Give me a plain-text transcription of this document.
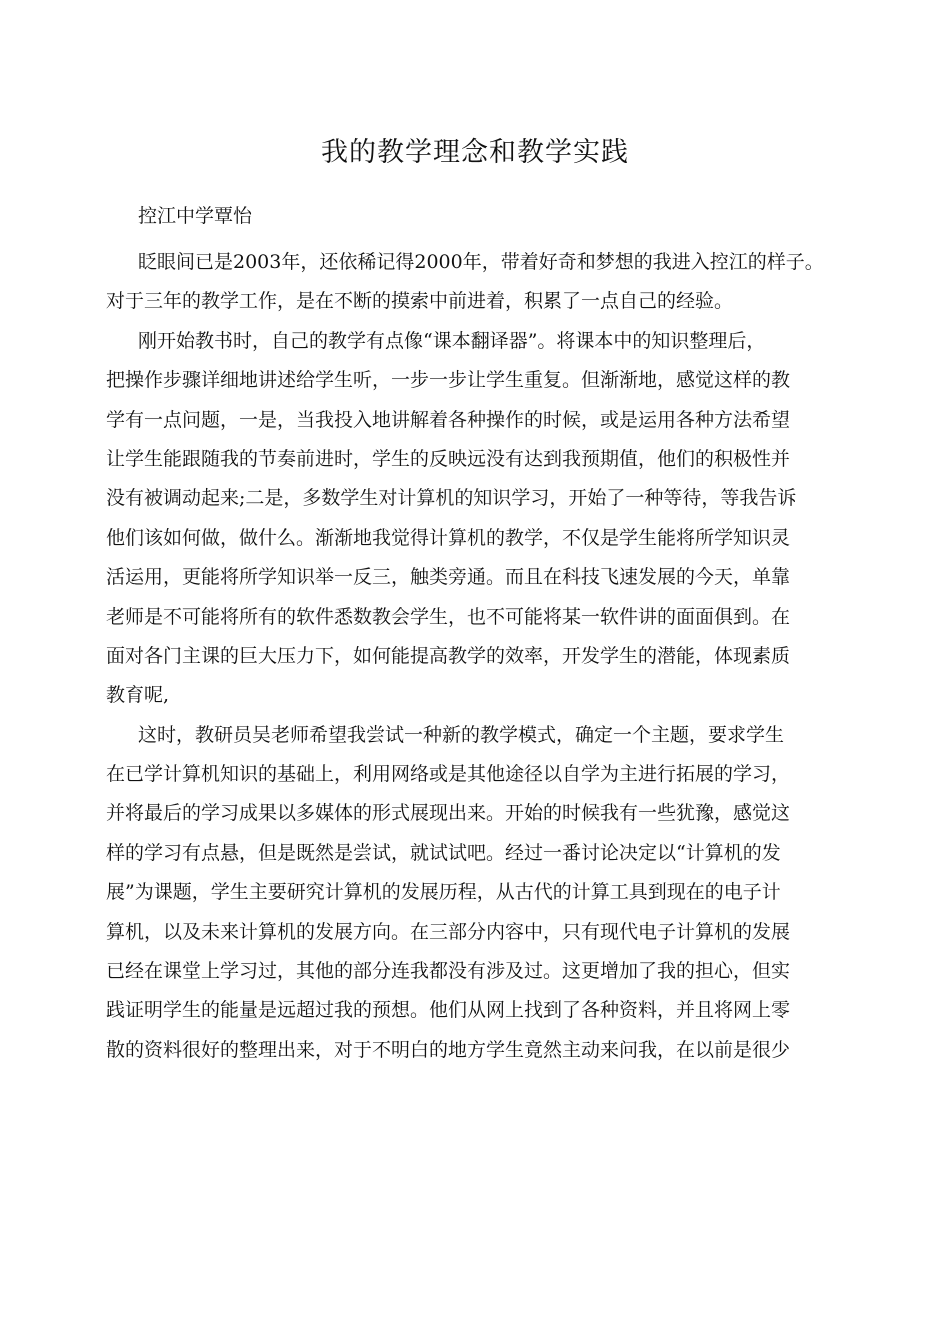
我的教学理念和教学实践
控江中学覃怡
眨眼间已是2003年，还依稀记得2000年，带着好奇和梦想的我进入控江的样子。
对于三年的教学工作，是在不断的摸索中前进着，积累了一点自己的经验。
刚开始教书时，自己的教学有点像“课本翻译器”。将课本中的知识整理后，
把操作步骤详细地讲述给学生听，一步一步让学生重复。但渐渐地，感觉这样的教
学有一点问题，一是，当我投入地讲解着各种操作的时候，或是运用各种方法希望
让学生能跟随我的节奏前进时，学生的反映远没有达到我预期值，他们的积极性并
没有被调动起来;二是，多数学生对计算机的知识学习，开始了一种等待，等我告诉
他们该如何做，做什么。渐渐地我觉得计算机的教学，不仅是学生能将所学知识灵
活运用，更能将所学知识举一反三，触类旁通。而且在科技飞速发展的今天，单靠
老师是不可能将所有的软件悉数教会学生，也不可能将某一软件讲的面面俱到。在
面对各门主课的巨大压力下，如何能提高教学的效率，开发学生的潜能，体现素质
教育呢,
这时，教研员吴老师希望我尝试一种新的教学模式，确定一个主题，要求学生
在已学计算机知识的基础上，利用网络或是其他途径以自学为主进行拓展的学习，
并将最后的学习成果以多媒体的形式展现出来。开始的时候我有一些犹豫，感觉这
样的学习有点悬，但是既然是尝试，就试试吧。经过一番讨论决定以“计算机的发
展”为课题，学生主要研究计算机的发展历程，从古代的计算工具到现在的电子计
算机，以及未来计算机的发展方向。在三部分内容中，只有现代电子计算机的发展
已经在课堂上学习过，其他的部分连我都没有涉及过。这更增加了我的担心，但实
践证明学生的能量是远超过我的预想。他们从网上找到了各种资料，并且将网上零
散的资料很好的整理出来，对于不明白的地方学生竟然主动来问我，在以前是很少
